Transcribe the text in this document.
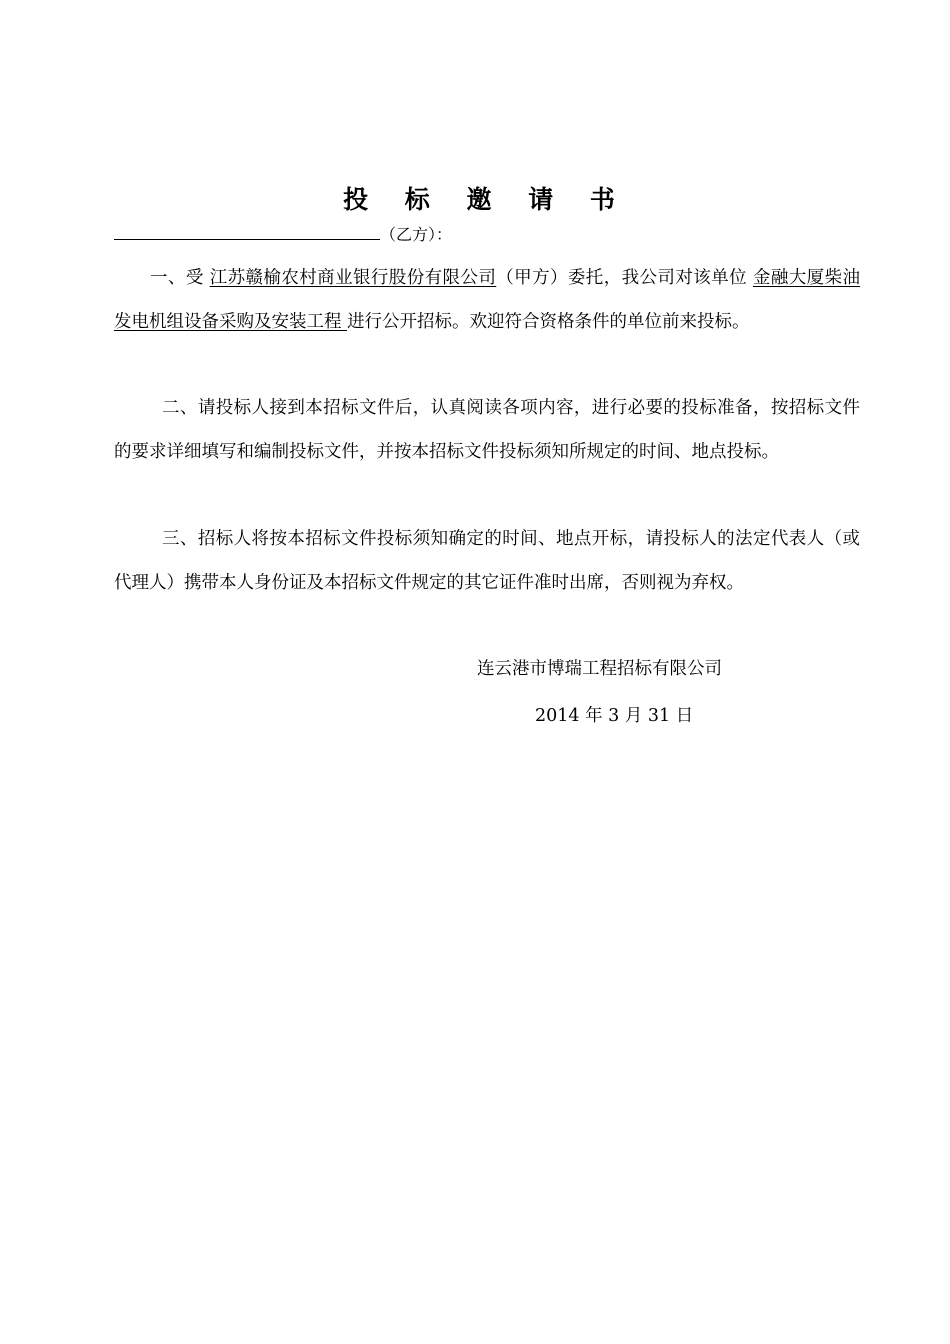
投 标 邀 请 书
（乙方）：
一、受 江苏赣榆农村商业银行股份有限公司（甲方）委托，我公司对该单位 金融大厦柴油发电机组设备采购及安装工程 进行公开招标。欢迎符合资格条件的单位前来投标。
二、请投标人接到本招标文件后，认真阅读各项内容，进行必要的投标准备，按招标文件的要求详细填写和编制投标文件，并按本招标文件投标须知所规定的时间、地点投标。
三、招标人将按本招标文件投标须知确定的时间、地点开标，请投标人的法定代表人（或代理人）携带本人身份证及本招标文件规定的其它证件准时出席，否则视为弃权。
连云港市博瑞工程招标有限公司
2014 年 3 月 31 日
